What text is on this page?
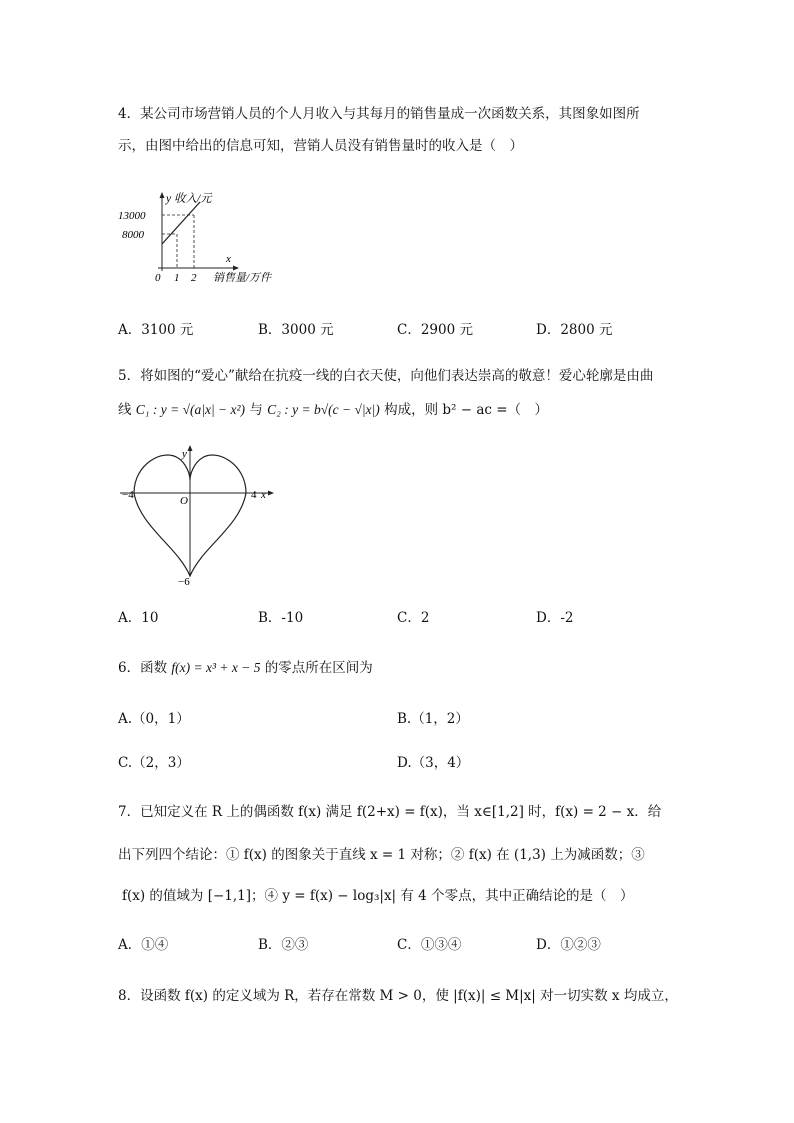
4．某公司市场营销人员的个人月收入与其每月的销售量成一次函数关系，其图象如图所
示，由图中给出的信息可知，营销人员没有销售量时的收入是（　）
y 收入/元
x
13000
8000
0 1 2 销售量/万件
A．3100 元	B．3000 元	C．2900 元	D．2800 元
5．将如图的“爱心”献给在抗疫一线的白衣天使，向他们表达崇高的敬意！爱心轮廓是由曲
线 C₁ : y = √(a|x| − x²) 与 C₂ : y = b√(c − √|x|) 构成，则 b² − ac =（　）
−4	4 x
y
O
−6
A．10	B．-10	C．2	D．-2
6．函数 f(x) = x³ + x − 5 的零点所在区间为
A.（0，1）	B.（1，2）
C.（2，3）	D.（3，4）
7．已知定义在 R 上的偶函数 f(x) 满足 f(2+x) = f(x)，当 x∈[1,2] 时，f(x) = 2 − x．给
出下列四个结论：① f(x) 的图象关于直线 x = 1 对称；② f(x) 在 (1,3) 上为减函数；③
f(x) 的值域为 [−1,1]；④ y = f(x) − log₃|x| 有 4 个零点，其中正确结论的是（　）
A．①④	B．②③	C．①③④	D．①②③
8．设函数 f(x) 的定义域为 R，若存在常数 M > 0，使 |f(x)| ≤ M|x| 对一切实数 x 均成立，
